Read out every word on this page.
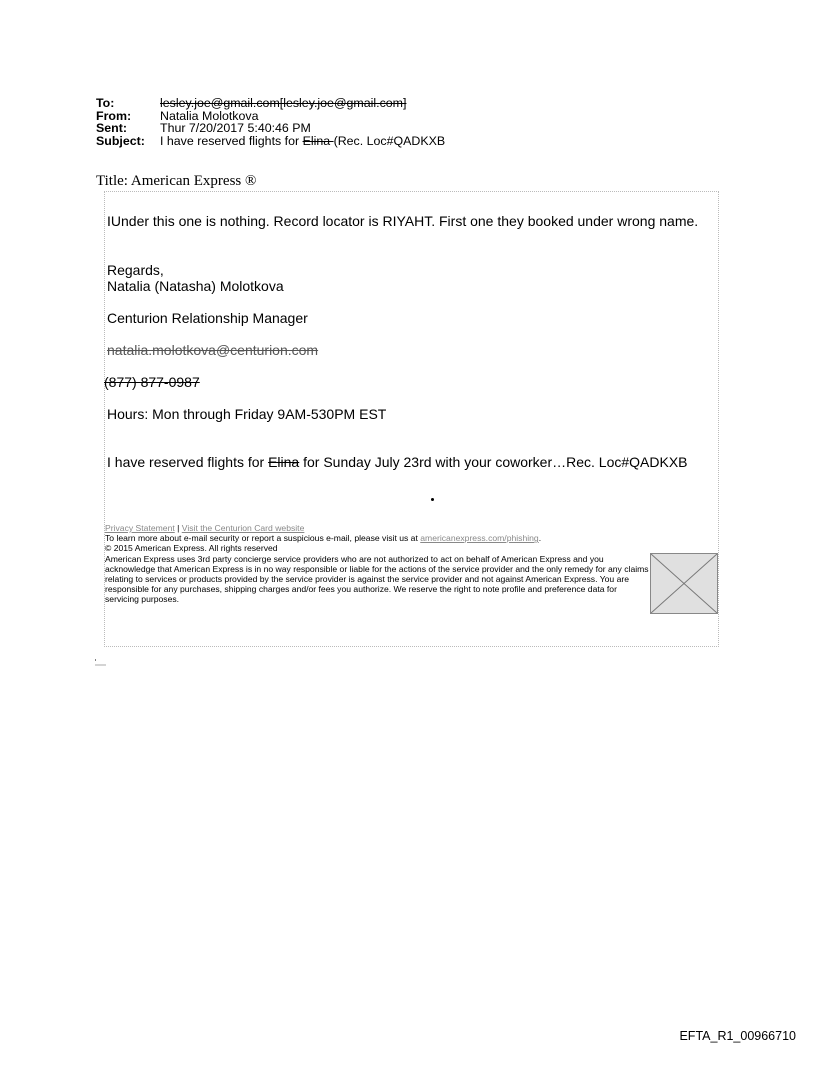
To:	lesley.joe@gmail.com[lesley.joe@gmail.com]
From:	Natalia Molotkova
Sent:	Thur 7/20/2017 5:40:46 PM
Subject:	I have reserved flights for Elina (Rec. Loc#QADKXB
Title: American Express ®
IUnder this one is nothing. Record locator is RIYAHT. First one they booked under wrong name.
Regards,
Natalia (Natasha) Molotkova
Centurion Relationship Manager
natalia.molotkova@centurion.com
(877) 877-0987
Hours: Mon through Friday 9AM-530PM EST
I have reserved flights for Elina for Sunday July 23rd with your coworker…Rec. Loc#QADKXB
Privacy Statement | Visit the Centurion Card website
To learn more about e-mail security or report a suspicious e-mail, please visit us at americanexpress.com/phishing.
© 2015 American Express. All rights reserved
American Express uses 3rd party concierge service providers who are not authorized to act on behalf of American Express and you acknowledge that American Express is in no way responsible or liable for the actions of the service provider and the only remedy for any claims relating to services or products provided by the service provider is against the service provider and not against American Express. You are responsible for any purchases, shipping charges and/or fees you authorize. We reserve the right to note profile and preference data for servicing purposes.
EFTA_R1_00966710
